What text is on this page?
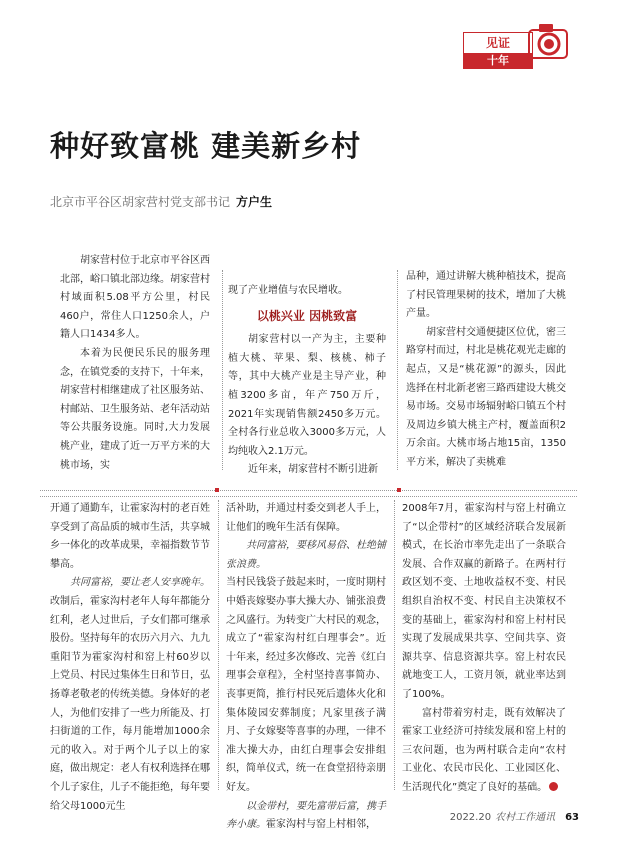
见证
十年
种好致富桃 建美新乡村
北京市平谷区胡家营村党支部书记 方户生

胡家营村位于北京市平谷区西北部，峪口镇北部边缘。胡家营村村域面积5.08平方公里，村民460户，常住人口1250余人，户籍人口1434多人。

本着为民便民乐民的服务理念，在镇党委的支持下，十年来，胡家营村相继建成了社区服务站、村邮站、卫生服务站、老年活动站等公共服务设施。同时,大力发展桃产业，建成了近一万平方米的大桃市场，实

现了产业增值与农民增收。

以桃兴业 因桃致富

胡家营村以一产为主，主要种植大桃、苹果、梨、核桃、柿子等，其中大桃产业是主导产业，种植3200多亩，年产750万斤，2021年实现销售额2450多万元。全村各行业总收入3000多万元，人均纯收入2.1万元。

近年来，胡家营村不断引进新

品种，通过讲解大桃种植技术，提高了村民管理果树的技术，增加了大桃产量。

胡家营村交通便捷区位优，密三路穿村而过，村北是桃花观光走廊的起点，又是“桃花源”的源头，因此选择在村北新老密三路西建设大桃交易市场。交易市场辐射峪口镇五个村及周边乡镇大桃主产村，覆盖面积2万余亩。大桃市场占地15亩，1350平方米，解决了卖桃难

开通了通勤车，让霍家沟村的老百姓享受到了高品质的城市生活，共享城乡一体化的改革成果，幸福指数节节攀高。

共同富裕，要让老人安享晚年。

改制后，霍家沟村老年人每年都能分红利，老人过世后，子女们都可继承股份。坚持每年的农历六月六、九九重阳节为霍家沟村和窑上村60岁以上党员、村民过集体生日和节日，弘扬尊老敬老的传统美德。身体好的老人，为他们安排了一些力所能及、打扫街道的工作，每月能增加1000余元的收入。对于两个儿子以上的家庭，做出规定：老人有权利选择在哪个儿子家住，儿子不能拒绝，每年要给父母1000元生

活补助，并通过村委交到老人手上，让他们的晚年生活有保障。

共同富裕，要移风易俗、杜绝铺张浪费。

当村民钱袋子鼓起来时，一度时期村中婚丧嫁娶办事大操大办、铺张浪费之风盛行。为转变广大村民的观念，成立了“霍家沟村红白理事会”。近十年来，经过多次修改、完善《红白理事会章程》，全村坚持喜事简办、丧事更简，推行村民死后遗体火化和集体陵园安葬制度；凡家里孩子满月、子女嫁娶等喜事的办理，一律不准大操大办，由红白理事会安排组织，简单仪式，统一在食堂招待亲朋好友。

以金带村，要先富带后富，携手奔小康。霍家沟村与窑上村相邻，

2008年7月，霍家沟村与窑上村确立了“以企带村”的区域经济联合发展新模式，在长治市率先走出了一条联合发展、合作双赢的新路子。在两村行政区划不变、土地收益权不变、村民组织自治权不变、村民自主决策权不变的基础上，霍家沟村和窑上村村民实现了发展成果共享、空间共享、资源共享、信息资源共享。窑上村农民就地变工人，工资月领，就业率达到了100%。

富村带着穷村走，既有效解决了霍家工业经济可持续发展和窑上村的三农问题，也为两村联合走向“农村工业化、农民市民化、工业园区化、生活现代化”奠定了良好的基础。

2022.20 农村工作通讯 63
